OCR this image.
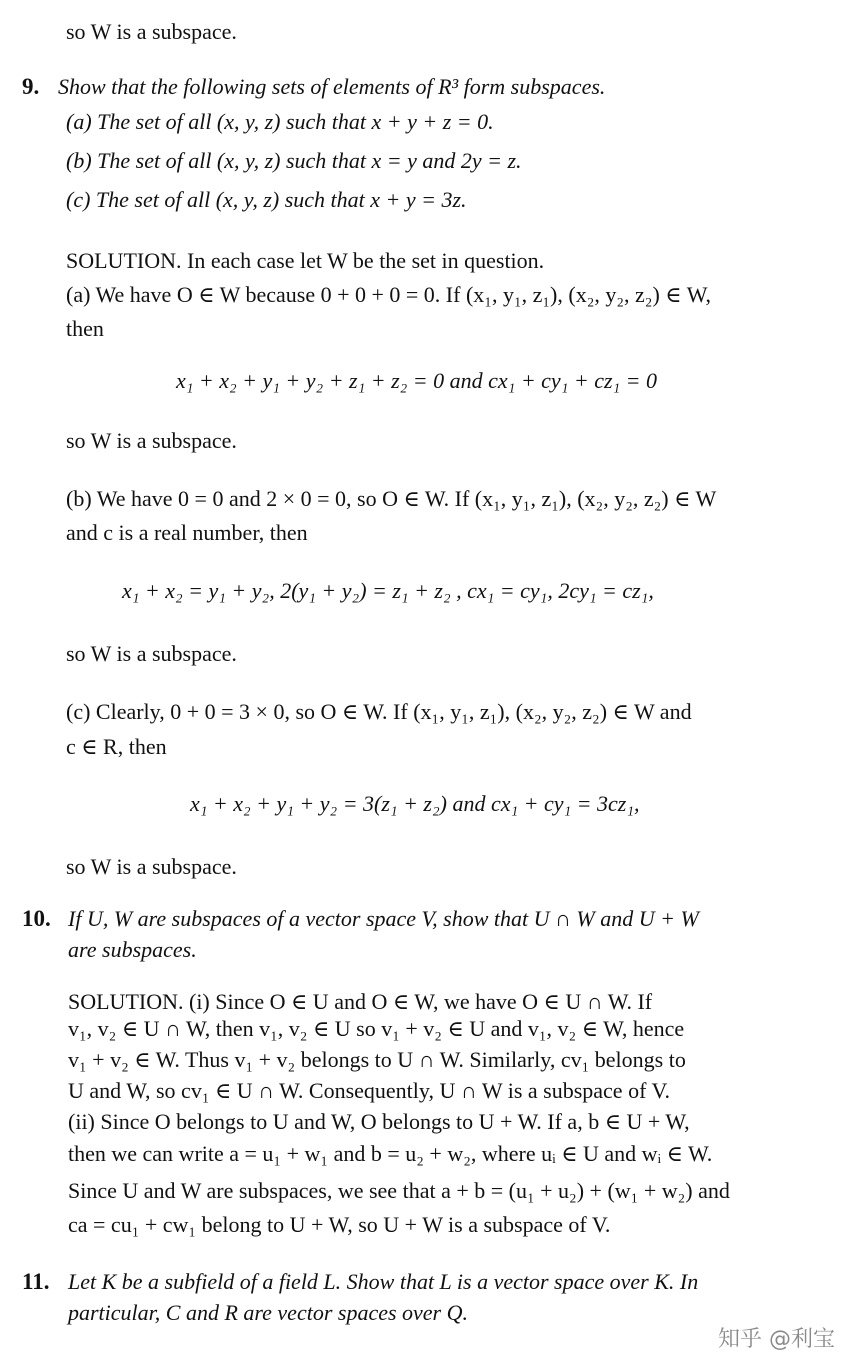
so W is a subspace.
9. Show that the following sets of elements of R³ form subspaces.
(a) The set of all (x, y, z) such that x + y + z = 0.
(b) The set of all (x, y, z) such that x = y and 2y = z.
(c) The set of all (x, y, z) such that x + y = 3z.
SOLUTION. In each case let W be the set in question.
(a) We have O ∈ W because 0 + 0 + 0 = 0. If (x₁, y₁, z₁), (x₂, y₂, z₂) ∈ W,
then
x₁ + x₂ + y₁ + y₂ + z₁ + z₂ = 0 and cx₁ + cy₁ + cz₁ = 0
so W is a subspace.
(b) We have 0 = 0 and 2 × 0 = 0, so O ∈ W. If (x₁, y₁, z₁), (x₂, y₂, z₂) ∈ W
and c is a real number, then
x₁ + x₂ = y₁ + y₂, 2(y₁ + y₂) = z₁ + z₂ , cx₁ = cy₁, 2cy₁ = cz₁,
so W is a subspace.
(c) Clearly, 0 + 0 = 3 × 0, so O ∈ W. If (x₁, y₁, z₁), (x₂, y₂, z₂) ∈ W and
c ∈ R, then
x₁ + x₂ + y₁ + y₂ = 3(z₁ + z₂) and cx₁ + cy₁ = 3cz₁,
so W is a subspace.
10. If U, W are subspaces of a vector space V, show that U ∩ W and U + W
are subspaces.
SOLUTION. (i) Since O ∈ U and O ∈ W, we have O ∈ U ∩ W. If
v₁, v₂ ∈ U ∩ W, then v₁, v₂ ∈ U so v₁ + v₂ ∈ U and v₁, v₂ ∈ W, hence
v₁ + v₂ ∈ W. Thus v₁ + v₂ belongs to U ∩ W. Similarly, cv₁ belongs to
U and W, so cv₁ ∈ U ∩ W. Consequently, U ∩ W is a subspace of V.
(ii) Since O belongs to U and W, O belongs to U + W. If a, b ∈ U + W,
then we can write a = u₁ + w₁ and b = u₂ + w₂, where uᵢ ∈ U and wᵢ ∈ W.
Since U and W are subspaces, we see that a + b = (u₁ + u₂) + (w₁ + w₂) and
ca = cu₁ + cw₁ belong to U + W, so U + W is a subspace of V.
11. Let K be a subfield of a field L. Show that L is a vector space over K. In
particular, C and R are vector spaces over Q.
知乎 @利宝
